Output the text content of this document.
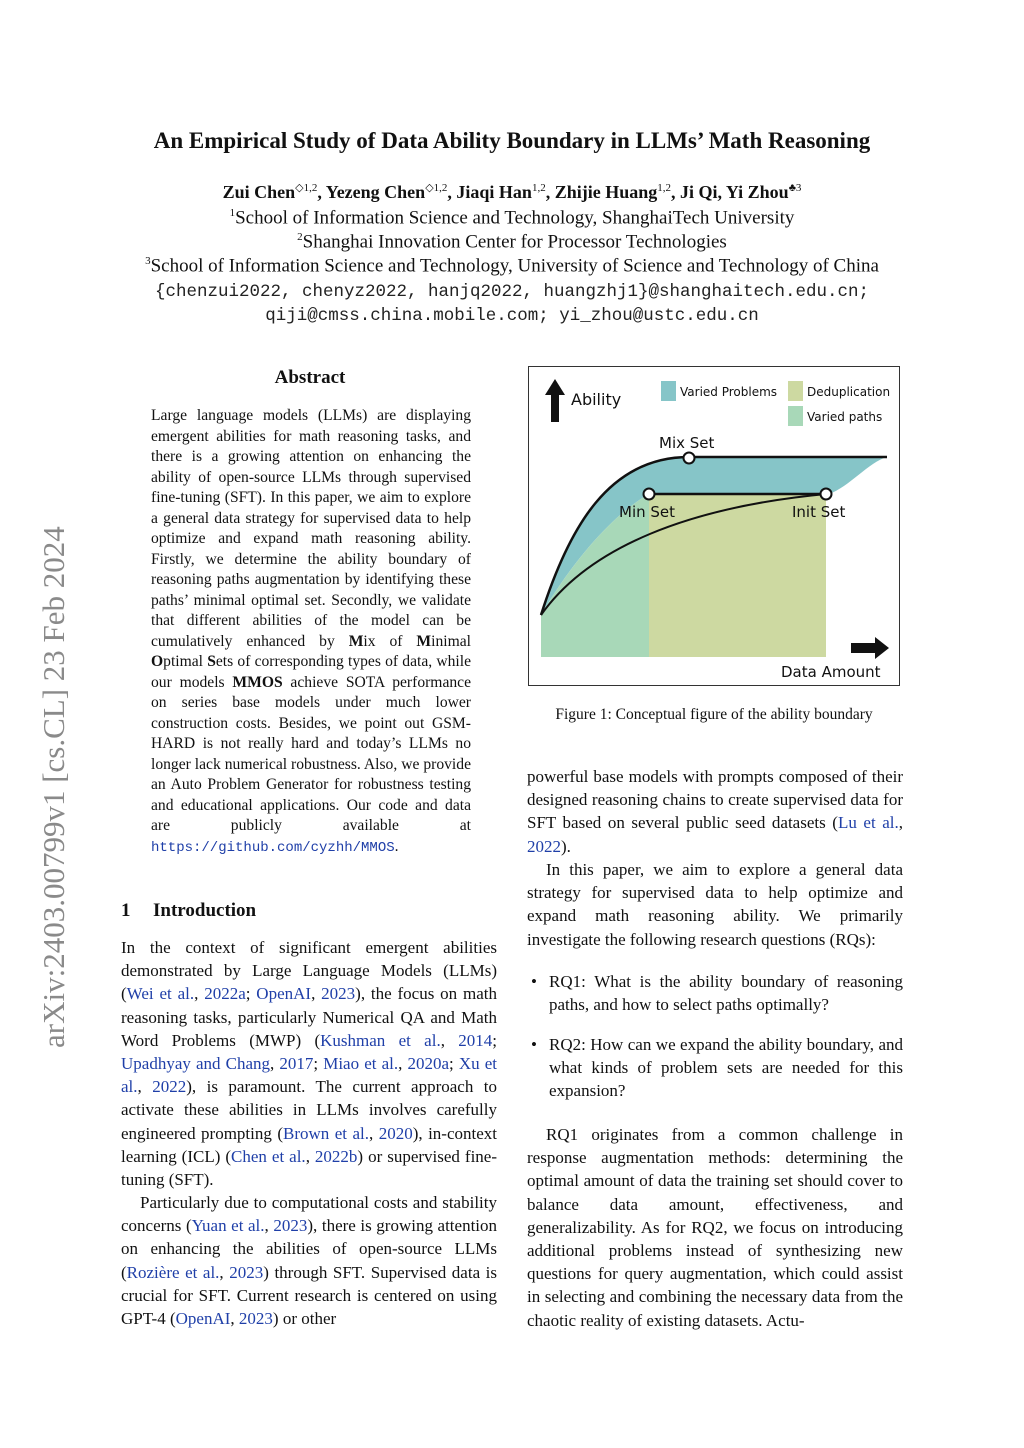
arXiv:2403.00799v1 [cs.CL] 23 Feb 2024
An Empirical Study of Data Ability Boundary in LLMs’ Math Reasoning
Zui Chen$^{◇1,2}$, Yezeng Chen$^{◇1,2}$, Jiaqi Han$^{1,2}$, Zhijie Huang$^{1,2}$, Ji Qi, Yi Zhou$^{♣3}$
$^1$School of Information Science and Technology, ShanghaiTech University
$^2$Shanghai Innovation Center for Processor Technologies
$^3$School of Information Science and Technology, University of Science and Technology of China
{chenzui2022, chenyz2022, hanjq2022, huangzhj1}@shanghaitech.edu.cn;
qiji@cmss.china.mobile.com; yi_zhou@ustc.edu.cn
Abstract
Large language models (LLMs) are displaying emergent abilities for math reasoning tasks, and there is a growing attention on enhancing the ability of open-source LLMs through supervised fine-tuning (SFT). In this paper, we aim to explore a general data strategy for supervised data to help optimize and expand math reasoning ability. Firstly, we determine the ability boundary of reasoning paths augmentation by identifying these paths’ minimal optimal set. Secondly, we validate that different abilities of the model can be cumulatively enhanced by Mix of Minimal Optimal Sets of corresponding types of data, while our models MMOS achieve SOTA performance on series base models under much lower construction costs. Besides, we point out GSM-HARD is not really hard and today’s LLMs no longer lack numerical robustness. Also, we provide an Auto Problem Generator for robustness testing and educational applications. Our code and data are publicly available at https://github.com/cyzhh/MMOS.
1 Introduction
In the context of significant emergent abilities demonstrated by Large Language Models (LLMs) (Wei et al., 2022a; OpenAI, 2023), the focus on math reasoning tasks, particularly Numerical QA and Math Word Problems (MWP) (Kushman et al., 2014; Upadhyay and Chang, 2017; Miao et al., 2020a; Xu et al., 2022), is paramount. The current approach to activate these abilities in LLMs involves carefully engineered prompting (Brown et al., 2020), in-context learning (ICL) (Chen et al., 2022b) or supervised fine-tuning (SFT).
Particularly due to computational costs and stability concerns (Yuan et al., 2023), there is growing attention on enhancing the abilities of open-source LLMs (Rozière et al., 2023) through SFT. Supervised data is crucial for SFT. Current research is centered on using GPT-4 (OpenAI, 2023) or other
Ability	Varied Problems Deduplication
Varied paths
Mix Set
Min Set	Init Set
Data Amount
Figure 1: Conceptual figure of the ability boundary
powerful base models with prompts composed of their designed reasoning chains to create supervised data for SFT based on several public seed datasets (Lu et al., 2022).
In this paper, we aim to explore a general data strategy for supervised data to help optimize and expand math reasoning ability. We primarily investigate the following research questions (RQs):
• RQ1: What is the ability boundary of reasoning paths, and how to select paths optimally?
• RQ2: How can we expand the ability boundary, and what kinds of problem sets are needed for this expansion?
RQ1 originates from a common challenge in response augmentation methods: determining the optimal amount of data the training set should cover to balance data amount, effectiveness, and generalizability. As for RQ2, we focus on introducing additional problems instead of synthesizing new questions for query augmentation, which could assist in selecting and combining the necessary data from the chaotic reality of existing datasets. Actu-
